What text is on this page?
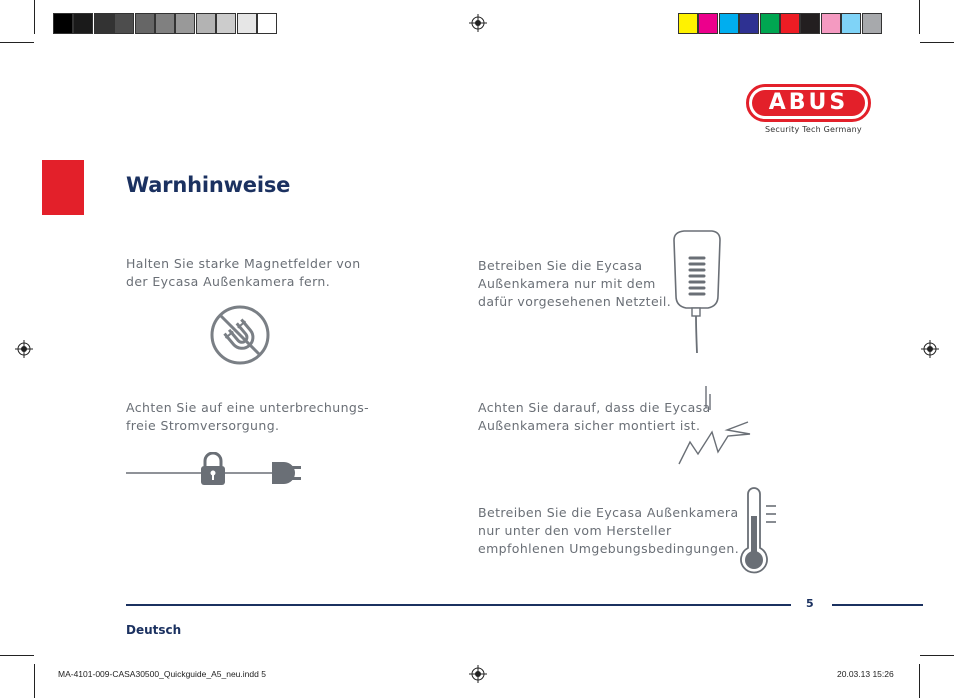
ABUS
Security Tech Germany
Warnhinweise
Halten Sie starke Magnetfelder von
der Eycasa Außenkamera fern.
Betreiben Sie die Eycasa
Außenkamera nur mit dem
dafür vorgesehenen Netzteil.
Achten Sie auf eine unterbrechungs-
freie Stromversorgung.
Achten Sie darauf, dass die Eycasa
Außenkamera sicher montiert ist.
Betreiben Sie die Eycasa Außenkamera
nur unter den vom Hersteller
empfohlenen Umgebungsbedingungen.
5
Deutsch
MA-4101-009-CASA30500_Quickguide_A5_neu.indd 5	20.03.13 15:26
